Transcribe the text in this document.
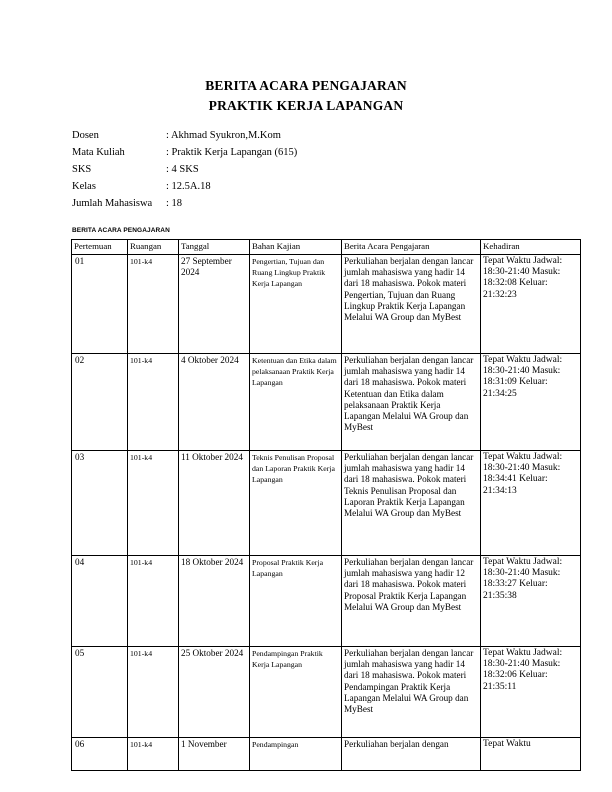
BERITA ACARA PENGAJARAN
PRAKTIK KERJA LAPANGAN
Dosen	: Akhmad Syukron,M.Kom
Mata Kuliah	: Praktik Kerja Lapangan (615)
SKS	: 4 SKS
Kelas	: 12.5A.18
Jumlah Mahasiswa : 18
BERITA ACARA PENGAJARAN
Pertemuan	Ruangan	Tanggal	Bahan Kajian	Berita Acara Pengajaran	Kehadiran
01	101-k4	27 September 2024	Pengertian, Tujuan dan Ruang Lingkup Praktik Kerja Lapangan	Perkuliahan berjalan dengan lancar jumlah mahasiswa yang hadir 14 dari 18 mahasiswa. Pokok materi Pengertian, Tujuan dan Ruang Lingkup Praktik Kerja Lapangan Melalui WA Group dan MyBest	Tepat Waktu Jadwal: 18:30-21:40 Masuk: 18:32:08 Keluar: 21:32:23
02	101-k4	4 Oktober 2024	Ketentuan dan Etika dalam pelaksanaan Praktik Kerja Lapangan	Perkuliahan berjalan dengan lancar jumlah mahasiswa yang hadir 14 dari 18 mahasiswa. Pokok materi Ketentuan dan Etika dalam pelaksanaan Praktik Kerja Lapangan Melalui WA Group dan MyBest	Tepat Waktu Jadwal: 18:30-21:40 Masuk: 18:31:09 Keluar: 21:34:25
03	101-k4	11 Oktober 2024	Teknis Penulisan Proposal dan Laporan Praktik Kerja Lapangan	Perkuliahan berjalan dengan lancar jumlah mahasiswa yang hadir 14 dari 18 mahasiswa. Pokok materi Teknis Penulisan Proposal dan Laporan Praktik Kerja Lapangan Melalui WA Group dan MyBest	Tepat Waktu Jadwal: 18:30-21:40 Masuk: 18:34:41 Keluar: 21:34:13
04	101-k4	18 Oktober 2024	Proposal Praktik Kerja Lapangan	Perkuliahan berjalan dengan lancar jumlah mahasiswa yang hadir 12 dari 18 mahasiswa. Pokok materi Proposal Praktik Kerja Lapangan Melalui WA Group dan MyBest	Tepat Waktu Jadwal: 18:30-21:40 Masuk: 18:33:27 Keluar: 21:35:38
05	101-k4	25 Oktober 2024	Pendampingan Praktik Kerja Lapangan	Perkuliahan berjalan dengan lancar jumlah mahasiswa yang hadir 14 dari 18 mahasiswa. Pokok materi Pendampingan Praktik Kerja Lapangan Melalui WA Group dan MyBest	Tepat Waktu Jadwal: 18:30-21:40 Masuk: 18:32:06 Keluar: 21:35:11
06	101-k4	1 November	Pendampingan	Perkuliahan berjalan dengan	Tepat Waktu
